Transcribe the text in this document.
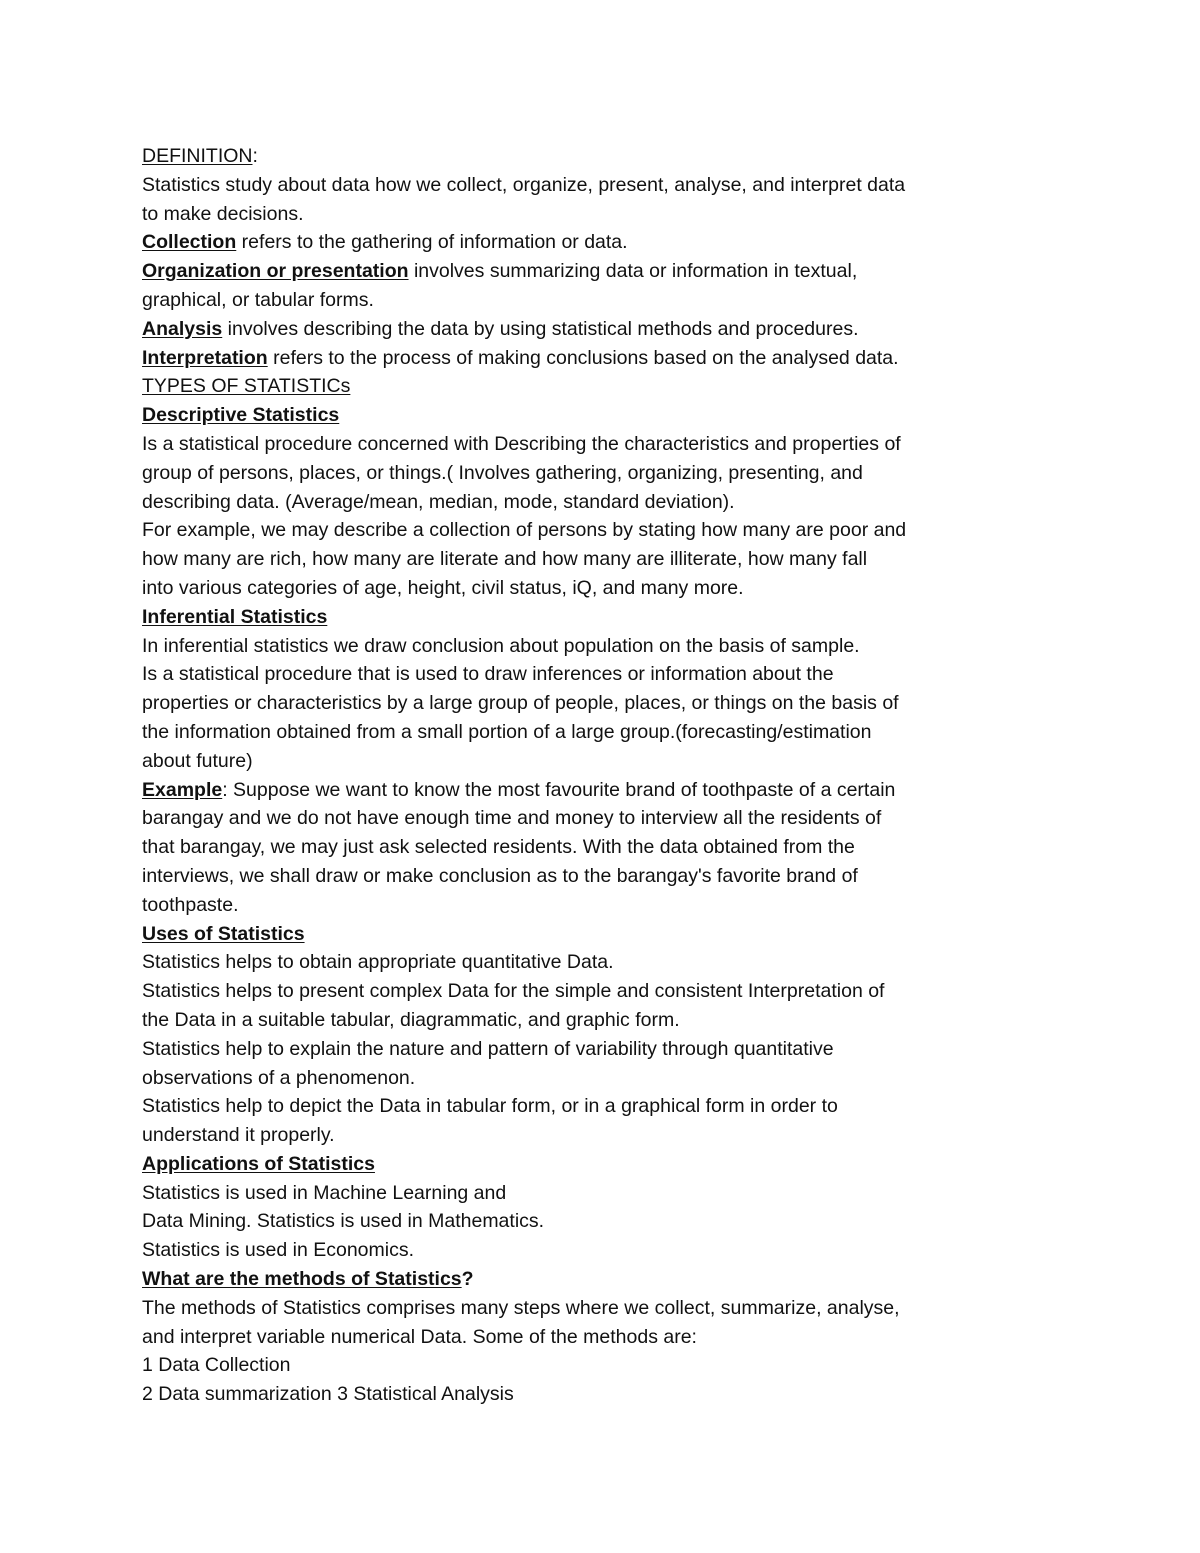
DEFINITION:
Statistics study about data how we collect, organize, present, analyse, and interpret data
to make decisions.
Collection refers to the gathering of information or data.
Organization or presentation involves summarizing data or information in textual,
graphical, or tabular forms.
Analysis involves describing the data by using statistical methods and procedures.
Interpretation refers to the process of making conclusions based on the analysed data.
TYPES OF STATISTICs
Descriptive Statistics
Is a statistical procedure concerned with Describing the characteristics and properties of
group of persons, places, or things.( Involves gathering, organizing, presenting, and
describing data. (Average/mean, median, mode, standard deviation).
For example, we may describe a collection of persons by stating how many are poor and
how many are rich, how many are literate and how many are illiterate, how many fall
into various categories of age, height, civil status, iQ, and many more.
Inferential Statistics
In inferential statistics we draw conclusion about population on the basis of sample.
Is a statistical procedure that is used to draw inferences or information about the
properties or characteristics by a large group of people, places, or things on the basis of
the information obtained from a small portion of a large group.(forecasting/estimation
about future)
Example: Suppose we want to know the most favourite brand of toothpaste of a certain
barangay and we do not have enough time and money to interview all the residents of
that barangay, we may just ask selected residents. With the data obtained from the
interviews, we shall draw or make conclusion as to the barangay's favorite brand of
toothpaste.
Uses of Statistics
Statistics helps to obtain appropriate quantitative Data.
Statistics helps to present complex Data for the simple and consistent Interpretation of
the Data in a suitable tabular, diagrammatic, and graphic form.
Statistics help to explain the nature and pattern of variability through quantitative
observations of a phenomenon.
Statistics help to depict the Data in tabular form, or in a graphical form in order to
understand it properly.
Applications of Statistics
Statistics is used in Machine Learning and
Data Mining. Statistics is used in Mathematics.
Statistics is used in Economics.
What are the methods of Statistics?
The methods of Statistics comprises many steps where we collect, summarize, analyse,
and interpret variable numerical Data. Some of the methods are:
1 Data Collection
2 Data summarization 3 Statistical Analysis
